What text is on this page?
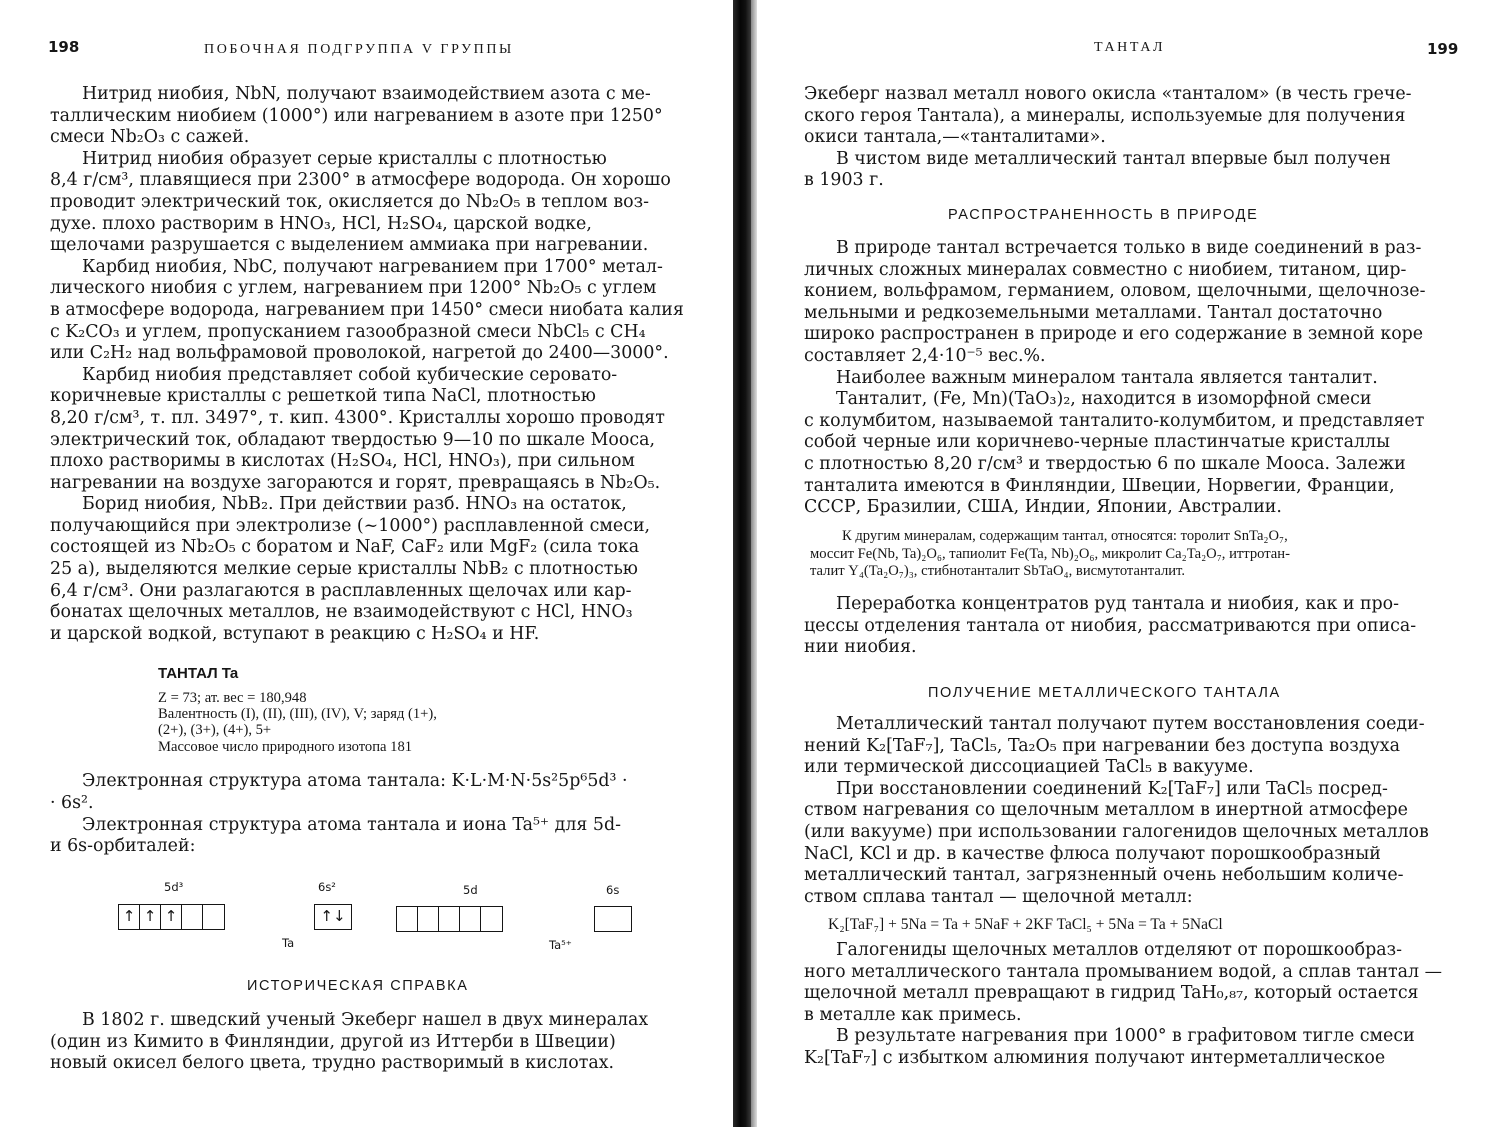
198	ПОБОЧНАЯ ПОДГРУППА V ГРУППЫ
Нитрид ниобия, NbN, получают взаимодействием азота с ме-
таллическим ниобием (1000°) или нагреванием в азоте при 1250°
смеси Nb₂O₃ с сажей.
Нитрид ниобия образует серые кристаллы с плотностью
8,4 г/см³, плавящиеся при 2300° в атмосфере водорода. Он хорошо
проводит электрический ток, окисляется до Nb₂O₅ в теплом воз-
духе. плохо растворим в HNO₃, HCl, H₂SO₄, царской водке,
щелочами разрушается с выделением аммиака при нагревании.
Карбид ниобия, NbC, получают нагреванием при 1700° метал-
лического ниобия с углем, нагреванием при 1200° Nb₂O₅ с углем
в атмосфере водорода, нагреванием при 1450° смеси ниобата калия
с K₂CO₃ и углем, пропусканием газообразной смеси NbCl₅ с CH₄
или C₂H₂ над вольфрамовой проволокой, нагретой до 2400—3000°.
Карбид ниобия представляет собой кубические серовато-
коричневые кристаллы с решеткой типа NaCl, плотностью
8,20 г/см³, т. пл. 3497°, т. кип. 4300°. Кристаллы хорошо проводят
электрический ток, обладают твердостью 9—10 по шкале Мооса,
плохо растворимы в кислотах (H₂SO₄, HCl, HNO₃), при сильном
нагревании на воздухе загораются и горят, превращаясь в Nb₂O₅.
Борид ниобия, NbB₂. При действии разб. HNO₃ на остаток,
получающийся при электролизе (~1000°) расплавленной смеси,
состоящей из Nb₂O₅ с боратом и NaF, CaF₂ или MgF₂ (сила тока
25 а), выделяются мелкие серые кристаллы NbB₂ с плотностью
6,4 г/см³. Они разлагаются в расплавленных щелочах или кар-
бонатах щелочных металлов, не взаимодействуют с HCl, HNO₃
и царской водкой, вступают в реакцию с H₂SO₄ и HF.
ТАНТАЛ Ta
Z = 73; ат. вес = 180,948
Валентность (I), (II), (III), (IV), V; заряд (1+),
(2+), (3+), (4+), 5+
Массовое число природного изотопа 181
Электронная структура атома тантала: K·L·M·N·5s²5p⁶5d³ ·
· 6s².
Электронная структура атома тантала и иона Ta⁵⁺ для 5d-
и 6s-орбиталей:
5d³
↑ ↑ ↑
6s²
↑↓
Ta
5d	6s
Ta⁵⁺
ИСТОРИЧЕСКАЯ СПРАВКА
В 1802 г. шведский ученый Экеберг нашел в двух минералах
(один из Кимито в Финляндии, другой из Иттерби в Швеции)
новый окисел белого цвета, трудно растворимый в кислотах.
ТАНТАЛ	199
Экеберг назвал металл нового окисла «танталом» (в честь грече-
ского героя Тантала), а минералы, используемые для получения
окиси тантала,—«танталитами».
В чистом виде металлический тантал впервые был получен
в 1903 г.
РАСПРОСТРАНЕННОСТЬ В ПРИРОДЕ
В природе тантал встречается только в виде соединений в раз-
личных сложных минералах совместно с ниобием, титаном, цир-
конием, вольфрамом, германием, оловом, щелочными, щелочнозе-
мельными и редкоземельными металлами. Тантал достаточно
широко распространен в природе и его содержание в земной коре
составляет 2,4·10⁻⁵ вес.%.
Наиболее важным минералом тантала является танталит.
Танталит, (Fe, Mn)(TaO₃)₂, находится в изоморфной смеси
с колумбитом, называемой танталито-колумбитом, и представляет
собой черные или коричнево-черные пластинчатые кристаллы
с плотностью 8,20 г/см³ и твердостью 6 по шкале Мооса. Залежи
танталита имеются в Финляндии, Швеции, Норвегии, Франции,
СССР, Бразилии, США, Индии, Японии, Австралии.
К другим минералам, содержащим тантал, относятся: торолит SnTa₂O₇,
моссит Fe(Nb, Ta)₂O₆, тапиолит Fe(Ta, Nb)₂O₆, микролит Ca₂Ta₂O₇, иттротан-
талит Y₄(Ta₂O₇)₃, стибнотанталит SbTaO₄, висмутотанталит.
Переработка концентратов руд тантала и ниобия, как и про-
цессы отделения тантала от ниобия, рассматриваются при описа-
нии ниобия.
ПОЛУЧЕНИЕ МЕТАЛЛИЧЕСКОГО ТАНТАЛА
Металлический тантал получают путем восстановления соеди-
нений K₂[TaF₇], TaCl₅, Ta₂O₅ при нагревании без доступа воздуха
или термической диссоциацией TaCl₅ в вакууме.
При восстановлении соединений K₂[TaF₇] или TaCl₅ посред-
ством нагревания со щелочным металлом в инертной атмосфере
(или вакууме) при использовании галогенидов щелочных металлов
NaCl, KCl и др. в качестве флюса получают порошкообразный
металлический тантал, загрязненный очень небольшим количе-
ством сплава тантал — щелочной металл:
K₂[TaF₇] + 5Na = Ta + 5NaF + 2KF TaCl₅ + 5Na = Ta + 5NaCl
Галогениды щелочных металлов отделяют от порошкообраз-
ного металлического тантала промыванием водой, а сплав тантал —
щелочной металл превращают в гидрид TaH₀,₈₇, который остается
в металле как примесь.
В результате нагревания при 1000° в графитовом тигле смеси
K₂[TaF₇] с избытком алюминия получают интерметаллическое
